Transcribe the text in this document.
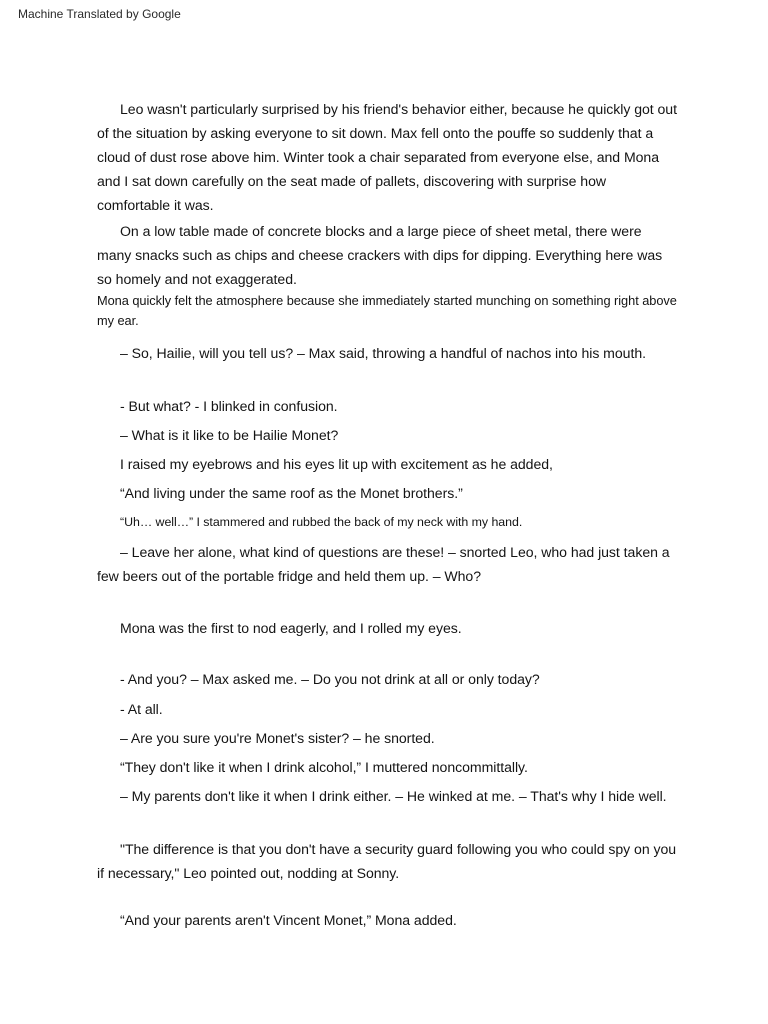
Machine Translated by Google

Leo wasn't particularly surprised by his friend's behavior either, because he quickly got out of the situation by asking everyone to sit down. Max fell onto the pouffe so suddenly that a cloud of dust rose above him. Winter took a chair separated from everyone else, and Mona and I sat down carefully on the seat made of pallets, discovering with surprise how comfortable it was.

On a low table made of concrete blocks and a large piece of sheet metal, there were many snacks such as chips and cheese crackers with dips for dipping. Everything here was so homely and not exaggerated.

Mona quickly felt the atmosphere because she immediately started munching on something right above my ear.

– So, Hailie, will you tell us? – Max said, throwing a handful of nachos into his mouth.

- But what? - I blinked in confusion.

– What is it like to be Hailie Monet?

I raised my eyebrows and his eyes lit up with excitement as he added,

“And living under the same roof as the Monet brothers.”

“Uh… well…” I stammered and rubbed the back of my neck with my hand.

– Leave her alone, what kind of questions are these! – snorted Leo, who had just taken a few beers out of the portable fridge and held them up. – Who?

Mona was the first to nod eagerly, and I rolled my eyes.

- And you? – Max asked me. – Do you not drink at all or only today?

- At all.

– Are you sure you're Monet's sister? – he snorted.

“They don't like it when I drink alcohol,” I muttered noncommittally.

– My parents don't like it when I drink either. – He winked at me. – That's why I hide well.

"The difference is that you don't have a security guard following you who could spy on you if necessary," Leo pointed out, nodding at Sonny.

“And your parents aren't Vincent Monet,” Mona added.
